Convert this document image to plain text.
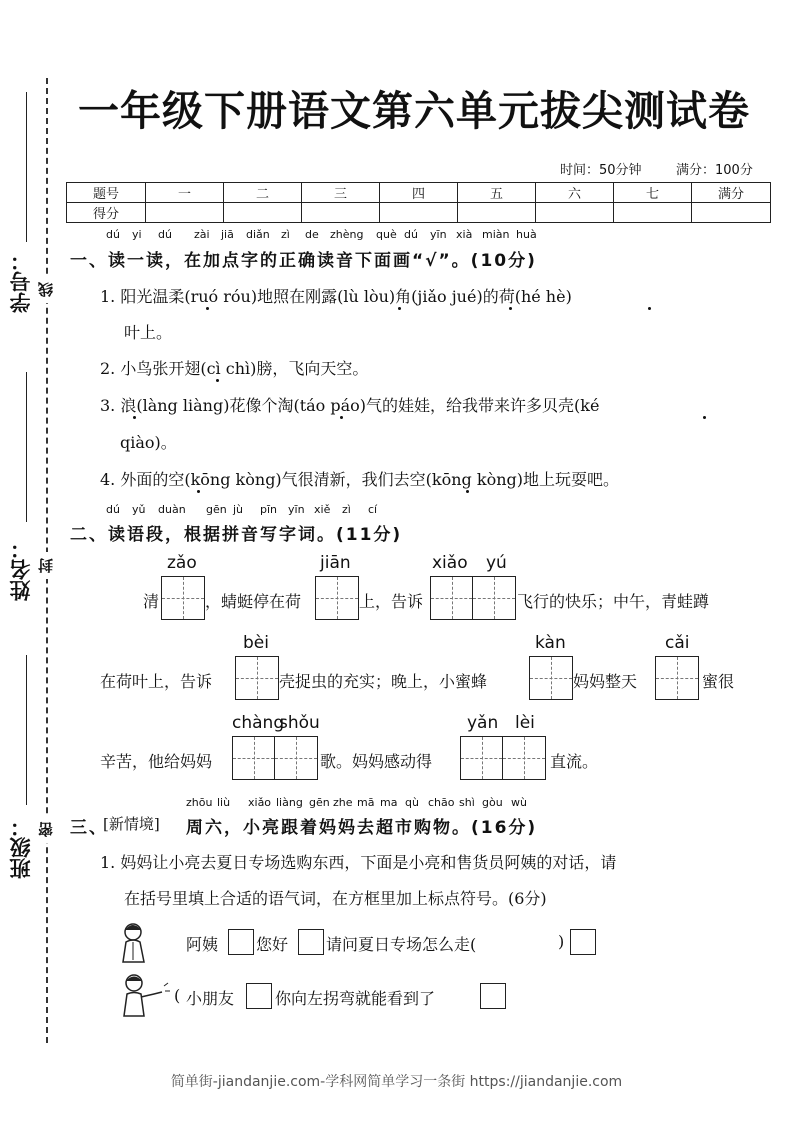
学号：
姓名：
班级：
线
封
密
一年级下册语文第六单元拔尖测试卷
时间：50分钟	满分：100分
题号	一	二	三	四	五	六	七	满分
得分								
dú yi dú zài jiā diǎn zì de zhèng què dú yīn xià miàn huà
一、读一读，在加点字的正确读音下面画“√”。(10分)
1. 阳光温柔(ruó róu)地照在刚露(lù lòu)角(jiǎo jué)的荷(hé hè)
叶上。
2. 小鸟张开翅(cì chì)膀，飞向天空。
3. 浪(làng liàng)花像个淘(táo páo)气的娃娃，给我带来许多贝壳(ké
qiào)。
4. 外面的空(kōng kòng)气很清新，我们去空(kōng kòng)地上玩耍吧。
dú yǔ duàn gēn jù pīn yīn xiě zì cí
二、读语段，根据拼音写字词。(11分)
zǎo	jiān	xiǎo yú
清	，蜻蜓停在荷	上，告诉	飞行的快乐；中午，青蛙蹲
bèi	kàn	cǎi
在荷叶上，告诉	壳捉虫的充实；晚上，小蜜蜂	妈妈整天	蜜很
chàng
shǒu	yǎn lèi
辛苦，他给妈妈	歌。妈妈感动得	直流。
zhōu liù xiǎo liàng gēn zhe mā ma qù chāo shì gòu wù
三、
[新情境] 周六，小亮跟着妈妈去超市购物。(16分)
1. 妈妈让小亮去夏日专场选购东西，下面是小亮和售货员阿姨的对话，请
在括号里填上合适的语气词，在方框里加上标点符号。(6分)
阿姨 您好 请问夏日专场怎么走(	)
( 小朋友	你向左拐弯就能看到了
简单街-jiandanjie.com-学科网简单学习一条街 https://jiandanjie.com
